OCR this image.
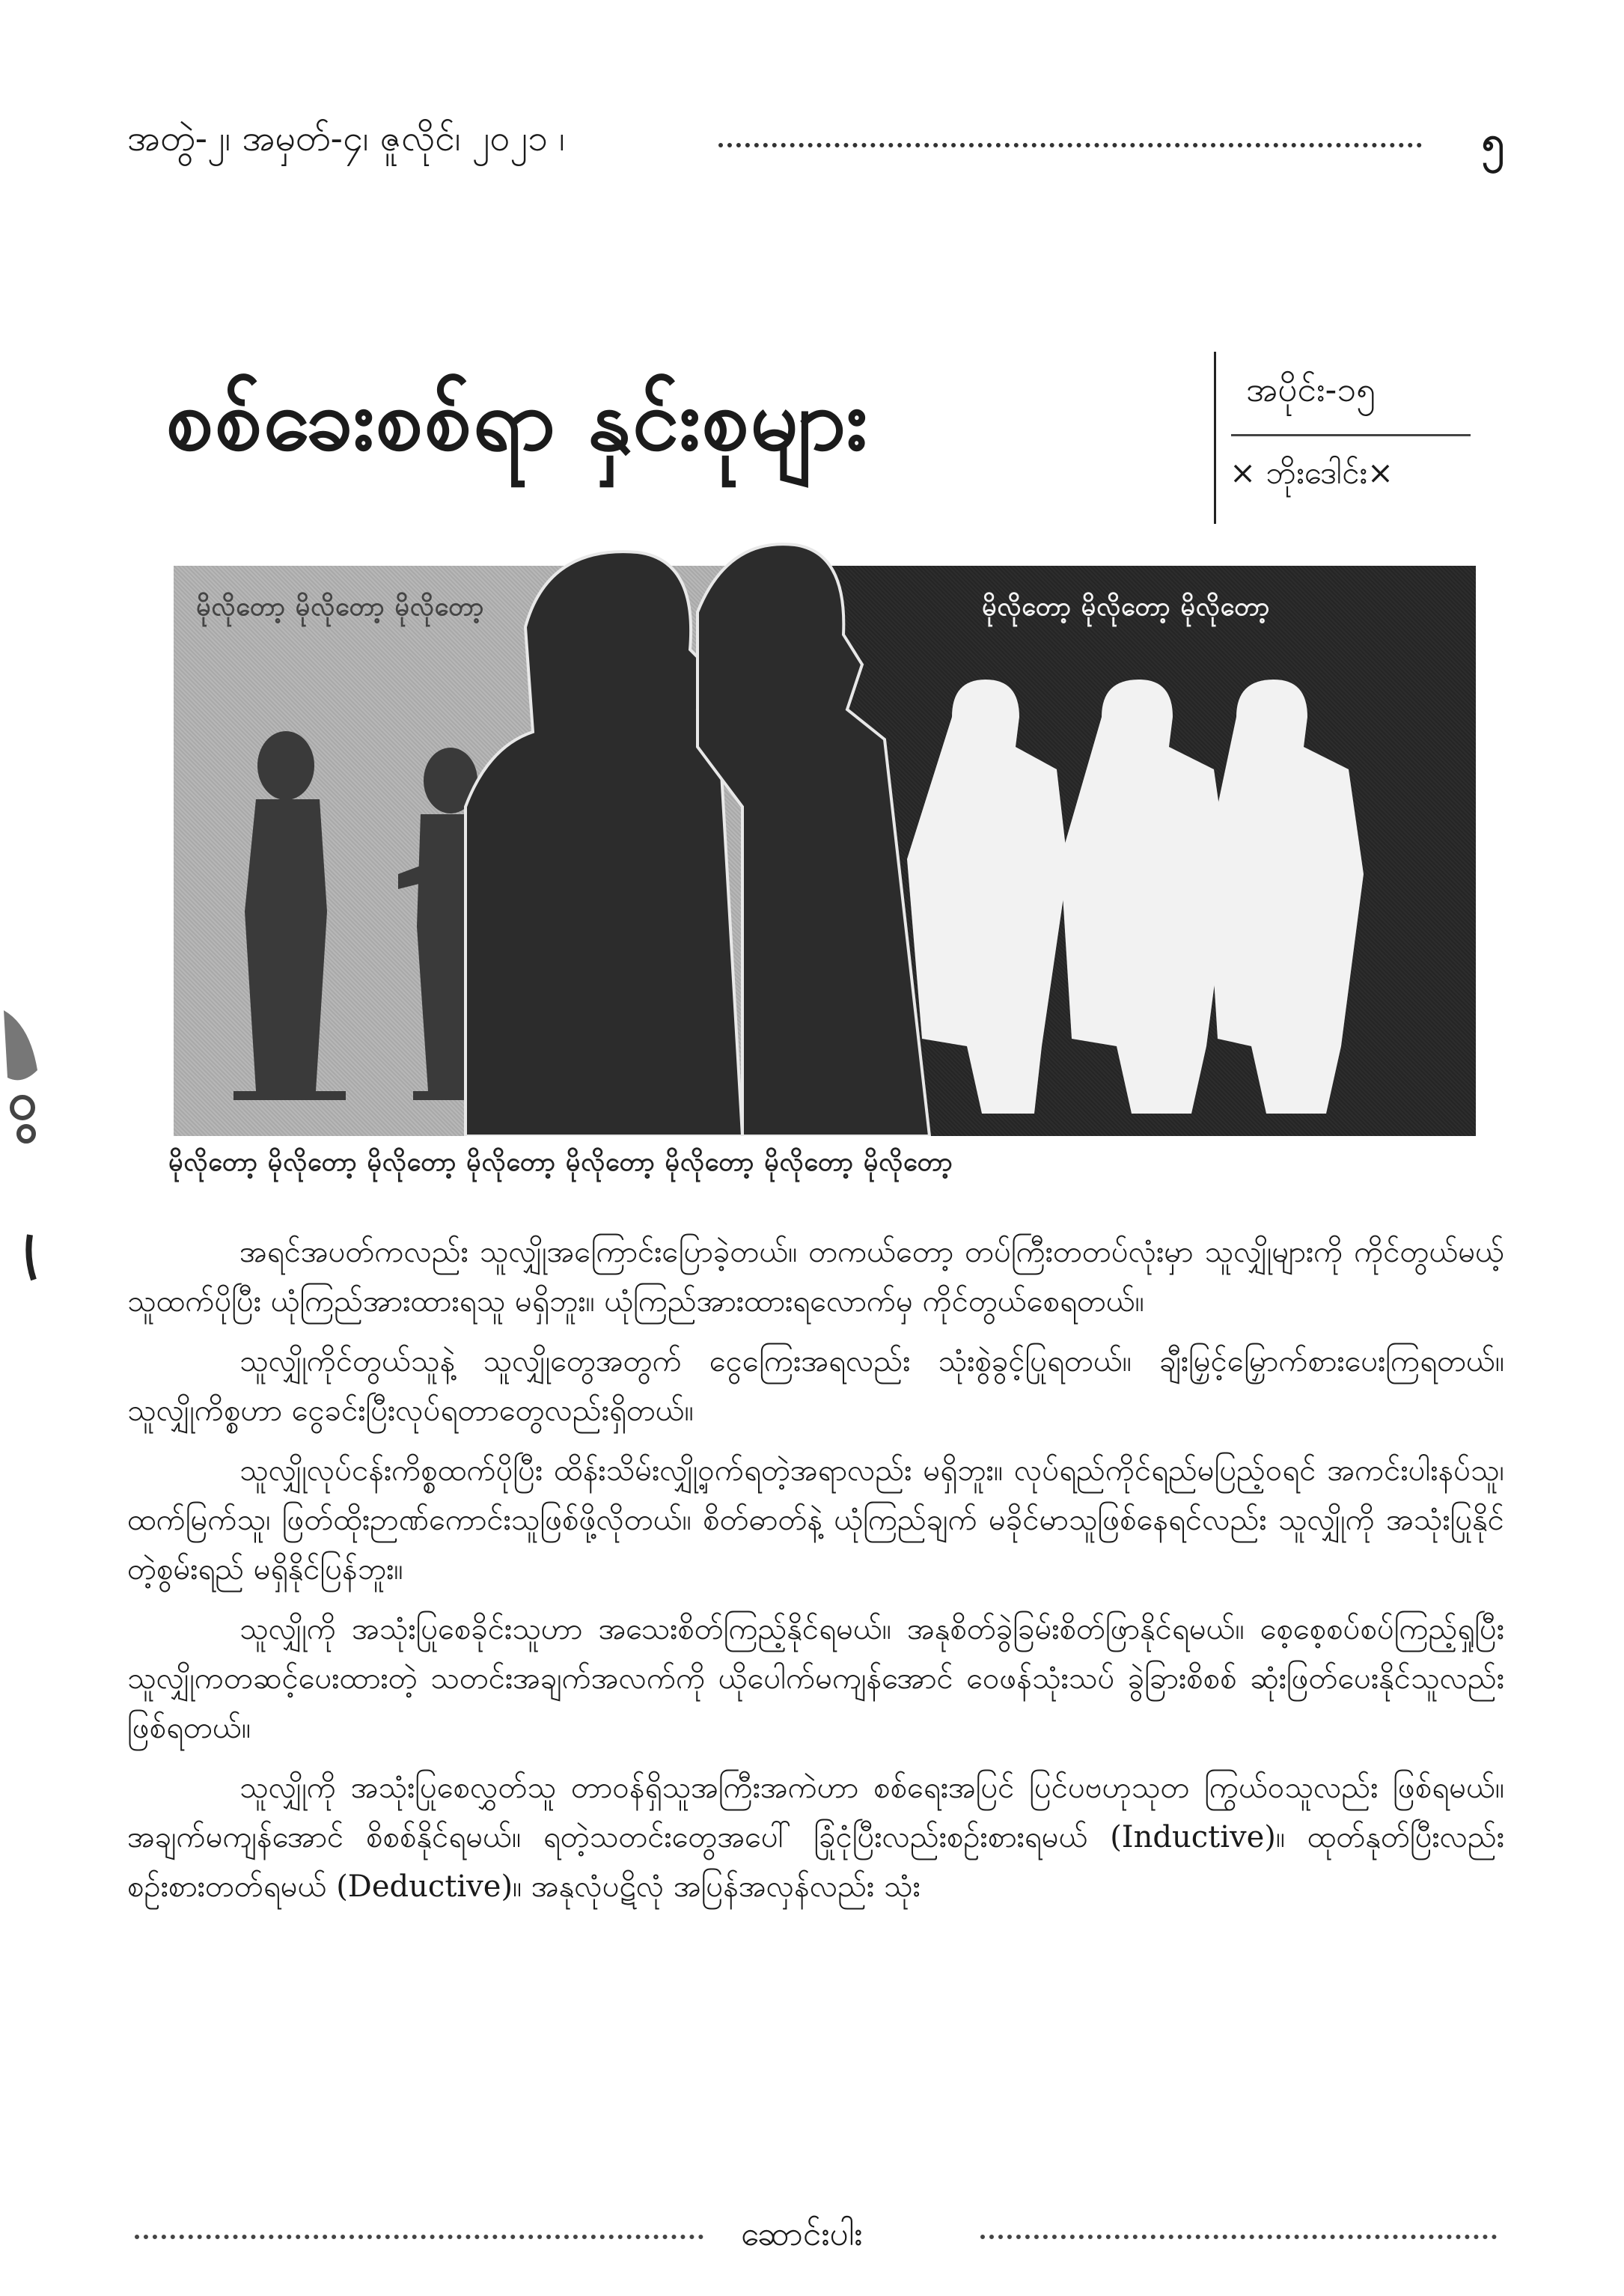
အတွဲ-၂၊ အမှတ်-၄၊ ဇူလိုင်၊ ၂၀၂၁ ၊	၅
စစ်ခေးစစ်ရာ နှင်းစုများ	အပိုင်း-၁၅
× ဘိုးဒေါင်း×
မိုလိုတော့ မိုလိုတော့ မိုလိုတော့	မိုလိုတော့ မိုလိုတော့ မိုလိုတော့
မိုလိုတော့ မိုလိုတော့ မိုလိုတော့ မိုလိုတော့ မိုလိုတော့ မိုလိုတော့ မိုလိုတော့ မိုလိုတော့

အရင်အပတ်ကလည်း သူလျှိုအကြောင်းပြောခဲ့တယ်။ တကယ်တော့ တပ်ကြီးတတပ်လုံးမှာ သူလျှိုများကို ကိုင်တွယ်မယ့်သူထက်ပိုပြီး ယုံကြည်အားထားရသူ မရှိဘူး။ ယုံကြည်အားထားရလောက်မှ ကိုင်တွယ်စေရတယ်။

သူလျှိုကိုင်တွယ်သူနဲ့ သူလျှိုတွေအတွက် ငွေကြေးအရလည်း သုံးစွဲခွင့်ပြုရတယ်။ ချီးမြှင့်မြှောက်စားပေးကြရတယ်။ သူလျှိုကိစ္စဟာ ငွေခင်းပြီးလုပ်ရတာတွေလည်းရှိတယ်။

သူလျှိုလုပ်ငန်းကိစ္စထက်ပိုပြီး ထိန်းသိမ်းလျှို့ဝှက်ရတဲ့အရာလည်း မရှိဘူး။ လုပ်ရည်ကိုင်ရည်မပြည့်ဝရင် အကင်းပါးနပ်သူ၊ ထက်မြက်သူ၊ ဖြတ်ထိုးဉာဏ်ကောင်းသူဖြစ်ဖို့လိုတယ်။ စိတ်ဓာတ်နဲ့ ယုံကြည်ချက် မခိုင်မာသူဖြစ်နေရင်လည်း သူလျှိုကို အသုံးပြုနိုင်တဲ့စွမ်းရည် မရှိနိုင်ပြန်ဘူး။

သူလျှိုကို အသုံးပြုစေခိုင်းသူဟာ အသေးစိတ်ကြည့်နိုင်ရမယ်။ အနုစိတ်ခွဲခြမ်းစိတ်ဖြာနိုင်ရမယ်။ စေ့စေ့စပ်စပ်ကြည့်ရှုပြီး သူလျှိုကတဆင့်ပေးထားတဲ့ သတင်းအချက်အလက်ကို ယိုပေါက်မကျန်အောင် ဝေဖန်သုံးသပ် ခွဲခြားစိစစ် ဆုံးဖြတ်ပေးနိုင်သူလည်း ဖြစ်ရတယ်။

သူလျှိုကို အသုံးပြုစေလွှတ်သူ တာဝန်ရှိသူအကြီးအကဲဟာ စစ်ရေးအပြင် ပြင်ပဗဟုသုတ ကြွယ်ဝသူလည်း ဖြစ်ရမယ်။ အချက်မကျန်အောင် စိစစ်နိုင်ရမယ်။ ရတဲ့သတင်းတွေအပေါ် ခြုံငုံပြီးလည်းစဉ်းစားရမယ် (Inductive)။ ထုတ်နုတ်ပြီးလည်း စဉ်းစားတတ်ရမယ် (Deductive)။ အနုလုံပဋိလုံ အပြန်အလှန်လည်း သုံး

ဆောင်းပါး
